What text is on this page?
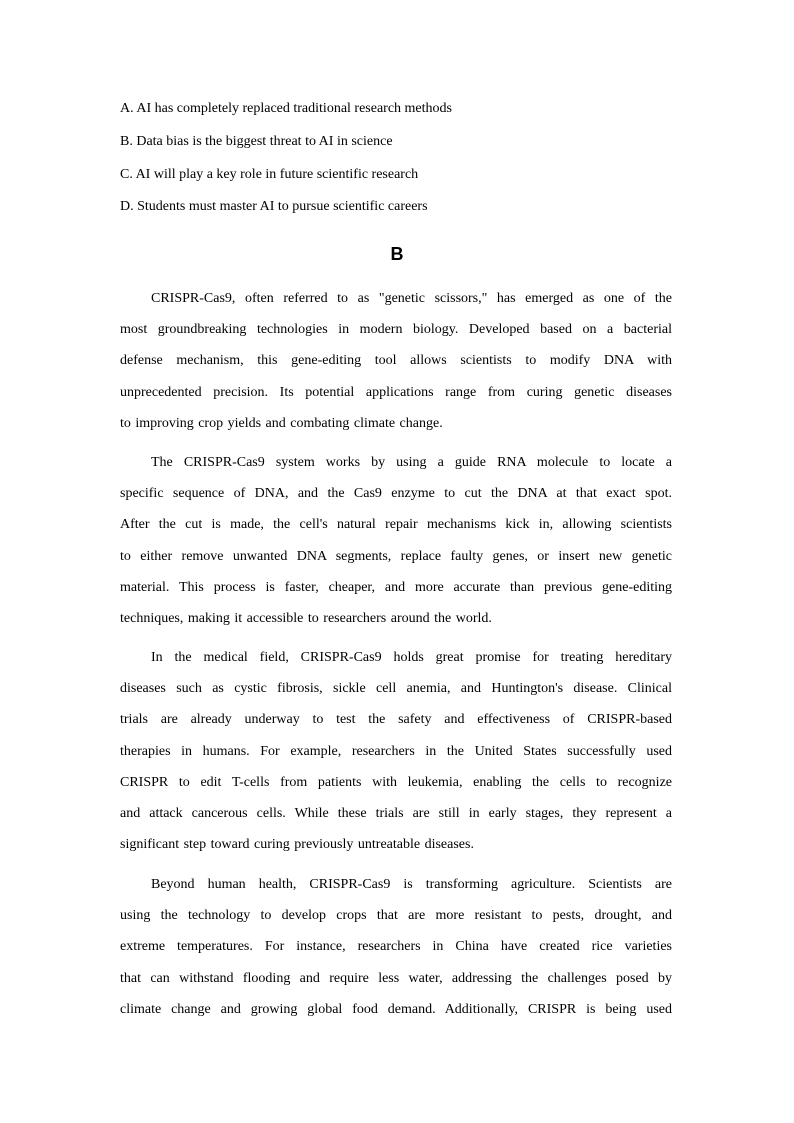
A. AI has completely replaced traditional research methods
B. Data bias is the biggest threat to AI in science
C. AI will play a key role in future scientific research
D. Students must master AI to pursue scientific careers
B
CRISPR-Cas9, often referred to as "genetic scissors," has emerged as one of the
most groundbreaking technologies in modern biology. Developed based on a bacterial
defense mechanism, this gene-editing tool allows scientists to modify DNA with
unprecedented precision. Its potential applications range from curing genetic diseases
to improving crop yields and combating climate change.
The CRISPR-Cas9 system works by using a guide RNA molecule to locate a
specific sequence of DNA, and the Cas9 enzyme to cut the DNA at that exact spot.
After the cut is made, the cell's natural repair mechanisms kick in, allowing scientists
to either remove unwanted DNA segments, replace faulty genes, or insert new genetic
material. This process is faster, cheaper, and more accurate than previous gene-editing
techniques, making it accessible to researchers around the world.
In the medical field, CRISPR-Cas9 holds great promise for treating hereditary
diseases such as cystic fibrosis, sickle cell anemia, and Huntington's disease. Clinical
trials are already underway to test the safety and effectiveness of CRISPR-based
therapies in humans. For example, researchers in the United States successfully used
CRISPR to edit T-cells from patients with leukemia, enabling the cells to recognize
and attack cancerous cells. While these trials are still in early stages, they represent a
significant step toward curing previously untreatable diseases.
Beyond human health, CRISPR-Cas9 is transforming agriculture. Scientists are
using the technology to develop crops that are more resistant to pests, drought, and
extreme temperatures. For instance, researchers in China have created rice varieties
that can withstand flooding and require less water, addressing the challenges posed by
climate change and growing global food demand. Additionally, CRISPR is being used
